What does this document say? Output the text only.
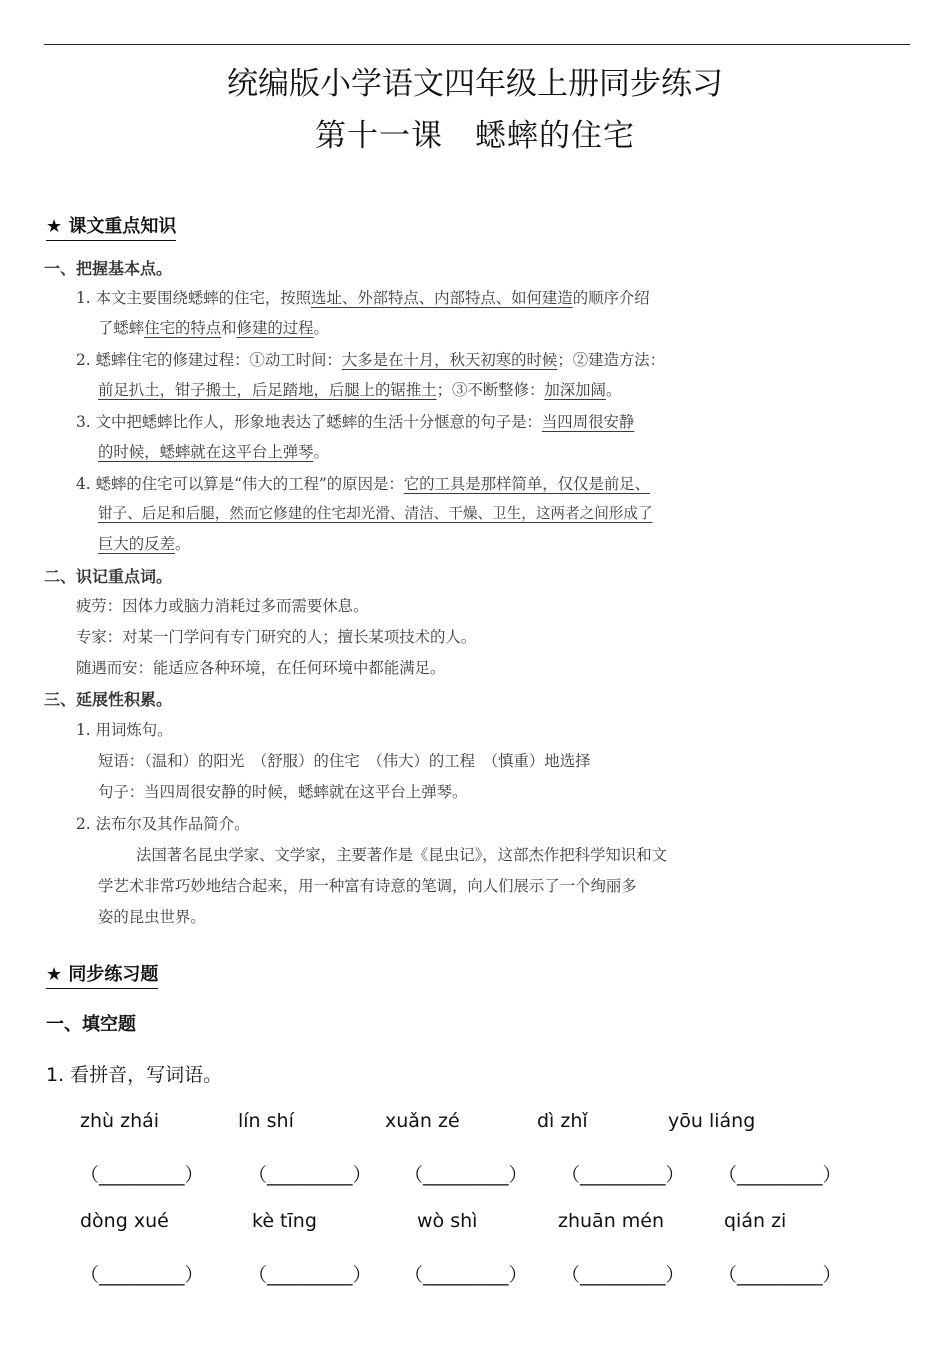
统编版小学语文四年级上册同步练习
第十一课　蟋蟀的住宅
★ 课文重点知识
一、把握基本点。
1. 本文主要围绕蟋蟀的住宅，按照选址、外部特点、内部特点、如何建造的顺序介绍
了蟋蟀住宅的特点和修建的过程。
2. 蟋蟀住宅的修建过程：①动工时间：大多是在十月，秋天初寒的时候；②建造方法：
前足扒土，钳子搬土，后足踏地，后腿上的锯推土；③不断整修：加深加阔。
3. 文中把蟋蟀比作人，形象地表达了蟋蟀的生活十分惬意的句子是：当四周很安静
的时候，蟋蟀就在这平台上弹琴。
4. 蟋蟀的住宅可以算是“伟大的工程”的原因是：它的工具是那样简单，仅仅是前足、
钳子、后足和后腿，然而它修建的住宅却光滑、清洁、干燥、卫生，这两者之间形成了
巨大的反差。
二、识记重点词。
疲劳：因体力或脑力消耗过多而需要休息。
专家：对某一门学问有专门研究的人；擅长某项技术的人。
随遇而安：能适应各种环境，在任何环境中都能满足。
三、延展性积累。
1. 用词炼句。
短语：（温和）的阳光　（舒服）的住宅　（伟大）的工程　（慎重）地选择
句子：当四周很安静的时候，蟋蟀就在这平台上弹琴。
2. 法布尔及其作品简介。
法国著名昆虫学家、文学家，主要著作是《昆虫记》，这部杰作把科学知识和文
学艺术非常巧妙地结合起来，用一种富有诗意的笔调，向人们展示了一个绚丽多
姿的昆虫世界。
★ 同步练习题
一、填空题
1. 看拼音，写词语。
zhù zhái	lín shí	xuǎn zé	dì zhǐ	yōu liáng
（_________） （_________） （_________） （_________） （_________）
dòng xué	kè tīng	wò shì	zhuān mén	qián zi
（_________） （_________） （_________） （_________） （_________）
